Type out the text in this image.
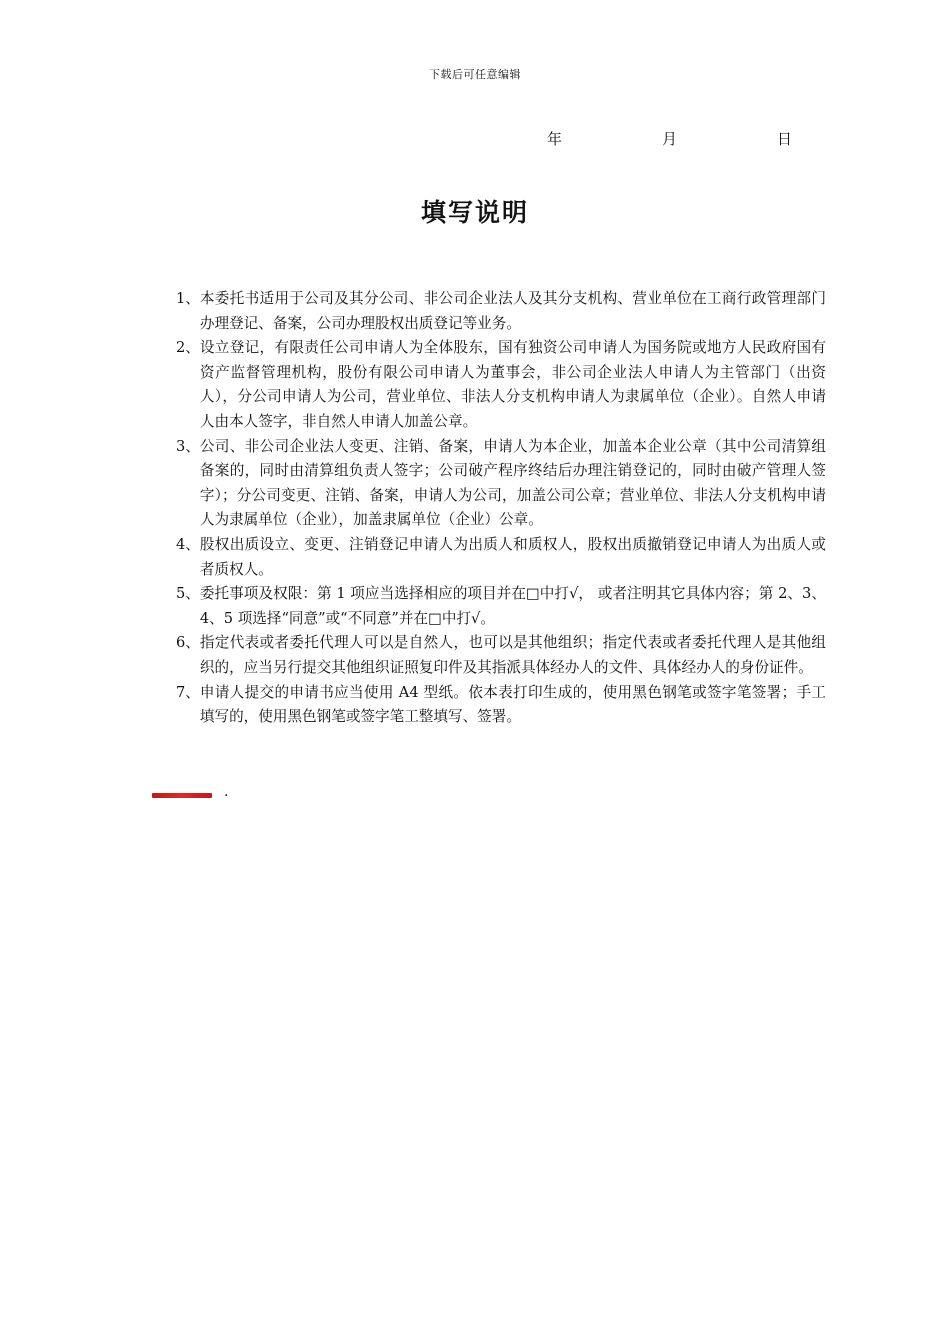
下载后可任意编辑
年	月	日
填写说明
1、 本委托书适用于公司及其分公司、非公司企业法人及其分支机构、营业单位在工商行政管理部门办理登记、备案，公司办理股权出质登记等业务。
2、 设立登记，有限责任公司申请人为全体股东，国有独资公司申请人为国务院或地方人民政府国有资产监督管理机构，股份有限公司申请人为董事会，非公司企业法人申请人为主管部门（出资人），分公司申请人为公司，营业单位、非法人分支机构申请人为隶属单位（企业）。自然人申请人由本人签字，非自然人申请人加盖公章。
3、 公司、非公司企业法人变更、注销、备案，申请人为本企业，加盖本企业公章（其中公司清算组备案的，同时由清算组负责人签字；公司破产程序终结后办理注销登记的，同时由破产管理人签字）；分公司变更、注销、备案，申请人为公司，加盖公司公章；营业单位、非法人分支机构申请人为隶属单位（企业），加盖隶属单位（企业）公章。
4、 股权出质设立、变更、注销登记申请人为出质人和质权人，股权出质撤销登记申请人为出质人或者质权人。
5、 委托事项及权限：第 1 项应当选择相应的项目并在□中打√， 或者注明其它具体内容；第 2、3、4、5 项选择“同意”或“不同意”并在□中打√。
6、 指定代表或者委托代理人可以是自然人，也可以是其他组织；指定代表或者委托代理人是其他组织的，应当另行提交其他组织证照复印件及其指派具体经办人的文件、具体经办人的身份证件。
7、 申请人提交的申请书应当使用 A4 型纸。依本表打印生成的，使用黑色钢笔或签字笔签署；手工填写的，使用黑色钢笔或签字笔工整填写、签署。
.
